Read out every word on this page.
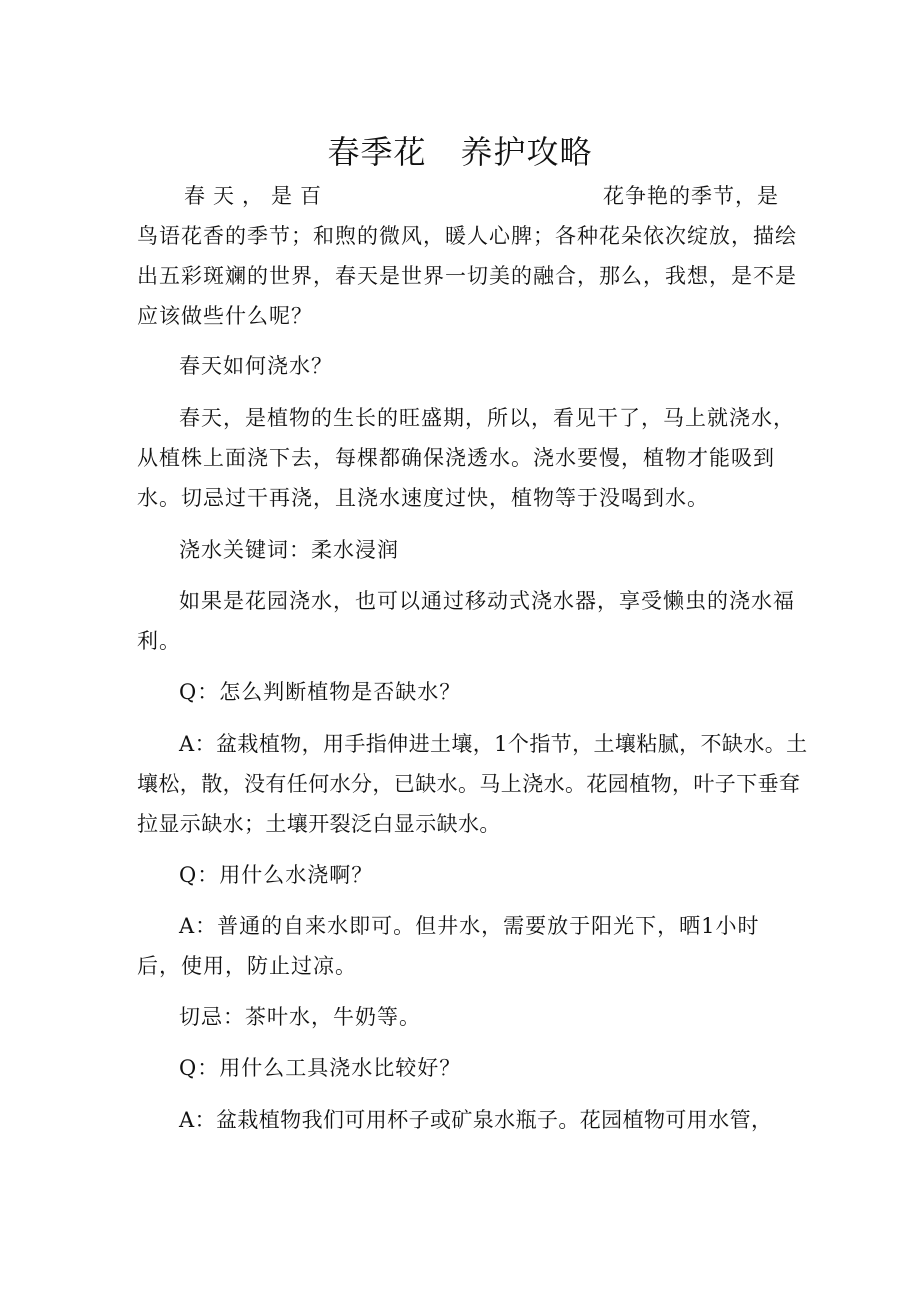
春季花 养护攻略
春天，是百	花争艳的季节，是

鸟语花香的季节；和煦的微风，暖人心脾；各种花朵依次绽放，描绘出五彩斑斓的世界，春天是世界一切美的融合，那么，我想，是不是应该做些什么呢？

春天如何浇水？

春天，是植物的生长的旺盛期，所以，看见干了，马上就浇水，从植株上面浇下去，每棵都确保浇透水。浇水要慢，植物才能吸到水。切忌过干再浇，且浇水速度过快，植物等于没喝到水。

浇水关键词：柔水浸润

如果是花园浇水，也可以通过移动式浇水器，享受懒虫的浇水福利。

Q：怎么判断植物是否缺水？

A：盆栽植物，用手指伸进土壤，1个指节，土壤粘腻，不缺水。土壤松，散，没有任何水分，已缺水。马上浇水。花园植物，叶子下垂耷拉显示缺水；土壤开裂泛白显示缺水。

Q：用什么水浇啊？

A：普通的自来水即可。但井水，需要放于阳光下，晒1小时后，使用，防止过凉。

切忌：茶叶水，牛奶等。

Q：用什么工具浇水比较好？

A：盆栽植物我们可用杯子或矿泉水瓶子。花园植物可用水管，
